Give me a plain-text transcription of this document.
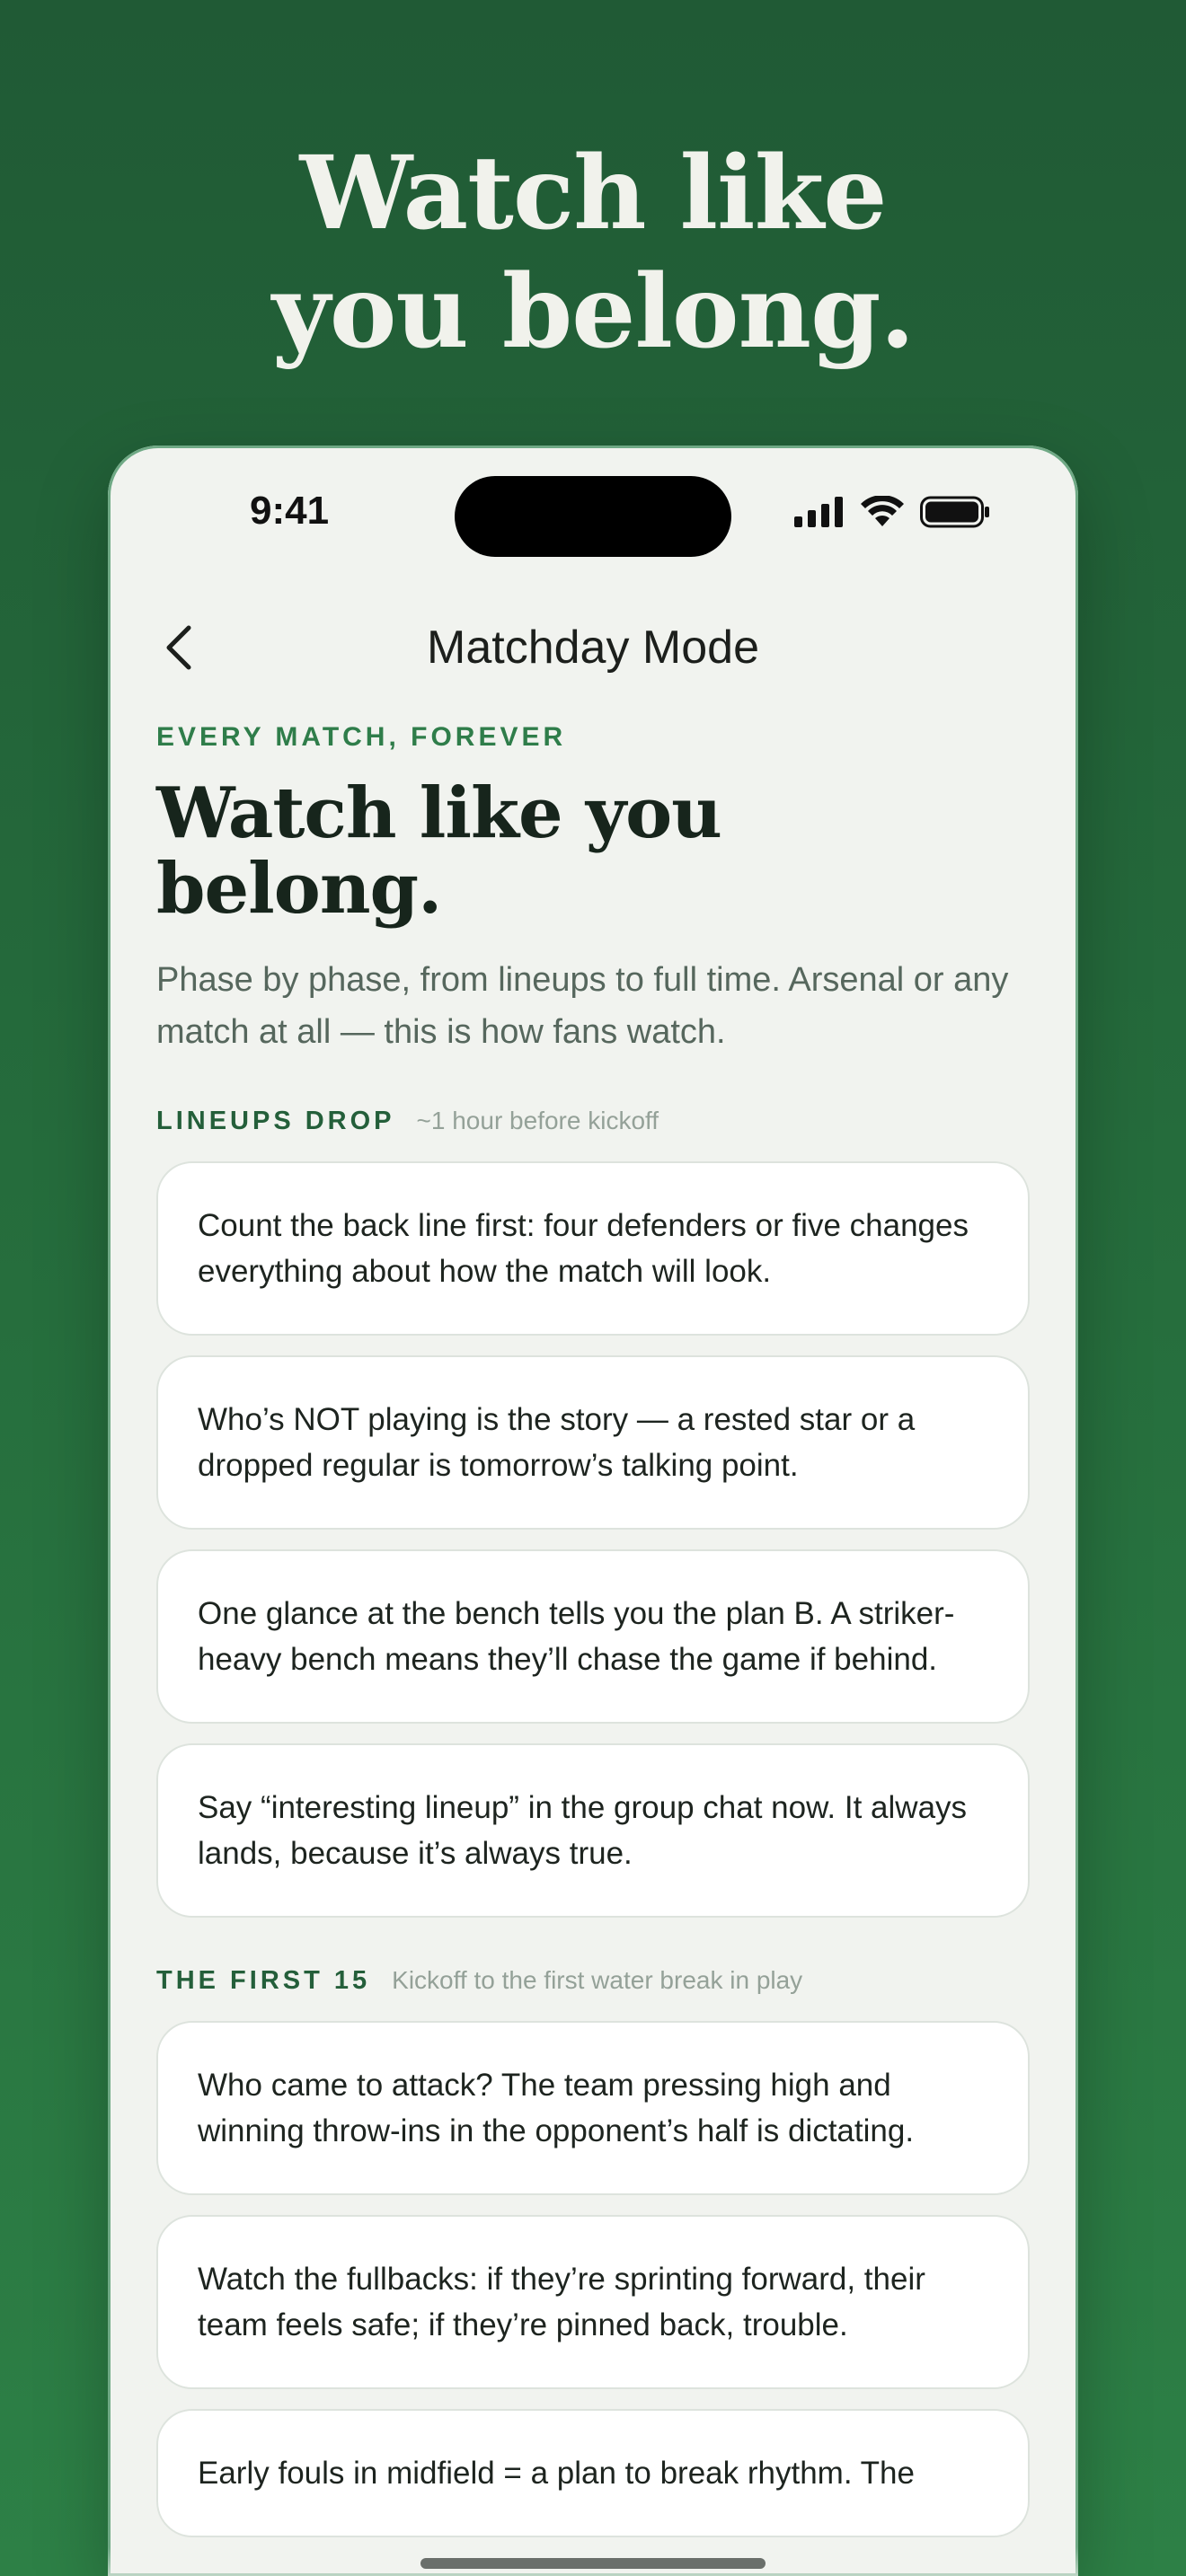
Watch like
you belong.
9:41
Matchday Mode
EVERY MATCH, FOREVER
Watch like you
belong.
Phase by phase, from lineups to full time. Arsenal or any match at all — this is how fans watch.
LINEUPS DROP ~1 hour before kickoff
Count the back line first: four defenders or five changes everything about how the match will look.
Who’s NOT playing is the story — a rested star or a dropped regular is tomorrow’s talking point.
One glance at the bench tells you the plan B. A striker-heavy bench means they’ll chase the game if behind.
Say “interesting lineup” in the group chat now. It always lands, because it’s always true.
THE FIRST 15 Kickoff to the first water break in play
Who came to attack? The team pressing high and winning throw-ins in the opponent’s half is dictating.
Watch the fullbacks: if they’re sprinting forward, their team feels safe; if they’re pinned back, trouble.
Early fouls in midfield = a plan to break rhythm. The
